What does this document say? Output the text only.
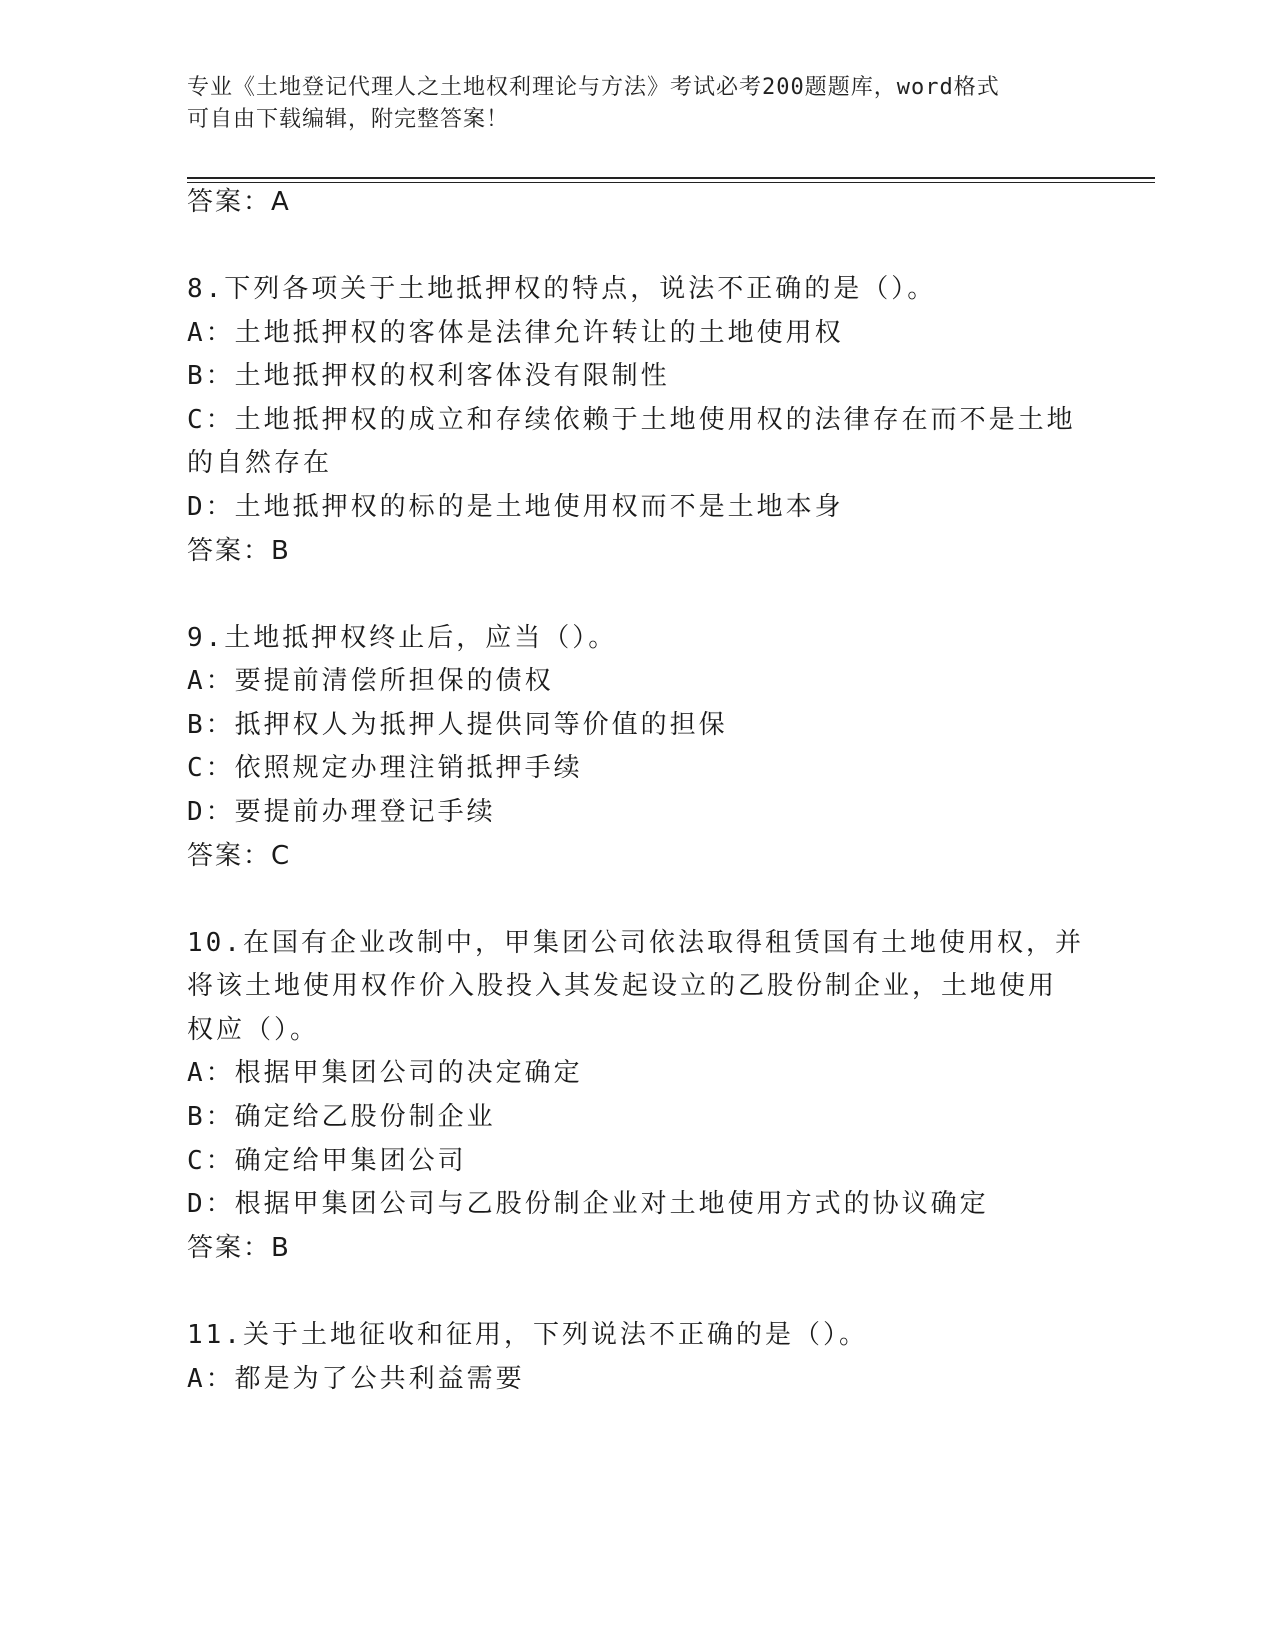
专业《土地登记代理人之土地权利理论与方法》考试必考200题题库，word格式
可自由下载编辑，附完整答案！
答案：A
8.下列各项关于土地抵押权的特点，说法不正确的是（）。
A：土地抵押权的客体是法律允许转让的土地使用权
B：土地抵押权的权利客体没有限制性
C：土地抵押权的成立和存续依赖于土地使用权的法律存在而不是土地
的自然存在
D：土地抵押权的标的是土地使用权而不是土地本身
答案：B
9.土地抵押权终止后，应当（）。
A：要提前清偿所担保的债权
B：抵押权人为抵押人提供同等价值的担保
C：依照规定办理注销抵押手续
D：要提前办理登记手续
答案：C
10.在国有企业改制中，甲集团公司依法取得租赁国有土地使用权，并
将该土地使用权作价入股投入其发起设立的乙股份制企业，土地使用
权应（）。
A：根据甲集团公司的决定确定
B：确定给乙股份制企业
C：确定给甲集团公司
D：根据甲集团公司与乙股份制企业对土地使用方式的协议确定
答案：B
11.关于土地征收和征用，下列说法不正确的是（）。
A：都是为了公共利益需要
